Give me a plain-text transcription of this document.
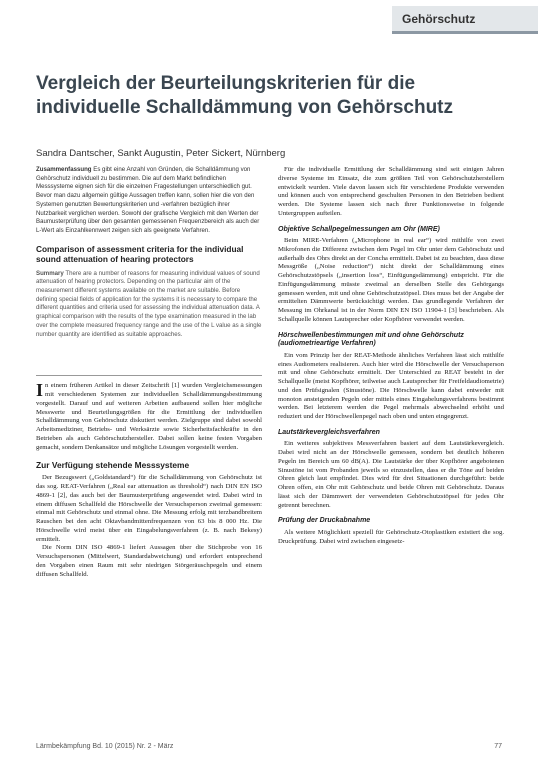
Gehörschutz
Vergleich der Beurteilungskriterien für die individuelle Schalldämmung von Gehörschutz
Sandra Dantscher, Sankt Augustin, Peter Sickert, Nürnberg

Zusammenfassung Es gibt eine Anzahl von Gründen, die Schalldämmung von Gehörschutz individuell zu bestimmen. Die auf dem Markt befindlichen Messsysteme eignen sich für die einzelnen Fragestellungen unterschiedlich gut. Bevor man dazu allgemein gültige Aussagen treffen kann, sollen hier die von den Systemen genutzten Bewertungskriterien und -verfahren bezüglich ihrer Nutzbarkeit verglichen werden. Sowohl der grafische Vergleich mit den Werten der Baumusterprüfung über den gesamten gemessenen Frequenzbereich als auch der L-Wert als Einzahlkennwert zeigen sich als geeignete Verfahren.

Comparison of assessment criteria for the individual sound attenuation of hearing protectors

Summary There are a number of reasons for measuring individual values of sound attenuation of hearing protectors. Depending on the particular aim of the measurement different systems available on the market are suitable. Before defining special fields of application for the systems it is necessary to compare the different quantities and criteria used for assessing the individual attenuation data. A graphical comparison with the results of the type examination measured in the lab over the complete measured frequency range and the use of the L value as a single number quantity are identified as suitable approaches.

In einem früheren Artikel in dieser Zeitschrift [1] wurden Vergleichsmessungen mit verschiedenen Systemen zur individuellen Schalldämmungsbestimmung vorgestellt. Darauf und auf weiteren Arbeiten aufbauend sollen hier mögliche Messwerte und Beurteilungsgrößen für die Ermittlung der individuellen Schalldämmung von Gehörschutz diskutiert werden. Zielgruppe sind dabei sowohl Arbeitsmediziner, Betriebs- und Werksärzte sowie Sicherheitsfachkräfte in den Betrieben als auch Gehörschutzhersteller. Dabei sollen keine festen Vorgaben gemacht, sondern Denkansätze und mögliche Lösungen vorgestellt werden.

Zur Verfügung stehende Messsysteme

Der Bezugswert („Goldstandard“) für die Schalldämmung von Gehörschutz ist das sog. REAT-Verfahren („Real ear attenuation as threshold“) nach DIN EN ISO 4869-1 [2], das auch bei der Baumusterprüfung angewendet wird. Dabei wird in einem diffusen Schallfeld die Hörschwelle der Versuchsperson zweimal gemessen: einmal mit Gehörschutz und einmal ohne. Die Messung erfolg mit terzbandbreitem Rauschen bei den acht Oktavbandmittenfrequenzen von 63 bis 8 000 Hz. Die Hörschwelle wird meist über ein Eingabelungsverfahren (z. B. nach Bekesy) ermittelt.

Die Norm DIN ISO 4869-1 liefert Aussagen über die Stichprobe von 16 Versuchspersonen (Mittelwert, Standardabweichung) und erfordert entsprechend den Vorgaben einen Raum mit sehr niedrigen Störgeräuschpegeln und einem diffusen Schallfeld.

Für die individuelle Ermittlung der Schalldämmung sind seit einigen Jahren diverse Systeme im Einsatz, die zum größten Teil von Gehörschutzherstellern entwickelt wurden. Viele davon lassen sich für verschiedene Produkte verwenden und können auch von entsprechend geschulten Personen in den Betrieben bedient werden. Die Systeme lassen sich nach ihrer Funktionsweise in folgende Untergruppen aufteilen.

Objektive Schallpegelmessungen am Ohr (MIRE)

Beim MIRE-Verfahren („Microphone in real ear“) wird mithilfe von zwei Mikrofonen die Differenz zwischen dem Pegel im Ohr unter dem Gehörschutz und außerhalb des Ohrs direkt an der Concha ermittelt. Dabei ist zu beachten, dass diese Messgröße („Noise reduction“) nicht direkt der Schalldämmung eines Gehörschutzstöpsels („insertion loss“, Einfügungsdämmung) entspricht. Für die Einfügungsdämmung müsste zweimal an derselben Stelle des Gehörgangs gemessen werden, mit und ohne Gehörschutzstöpsel. Dies muss bei der Angabe der ermittelten Dämmwerte berücksichtigt werden. Das grundlegende Verfahren der Messung im Ohrkanal ist in der Norm DIN EN ISO 11904-1 [3] beschrieben. Als Schallquelle können Lautsprecher oder Kopfhörer verwendet werden.

Hörschwellenbestimmungen mit und ohne Gehörschutz (audiometrieartige Verfahren)

Ein vom Prinzip her der REAT-Methode ähnliches Verfahren lässt sich mithilfe eines Audiometers realisieren. Auch hier wird die Hörschwelle der Versuchsperson mit und ohne Gehörschutz ermittelt. Der Unterschied zu REAT besteht in der Schallquelle (meist Kopfhörer, teilweise auch Lautsprecher für Freifeldaudiometrie) und den Prüfsignalen (Sinustöne). Die Hörschwelle kann dabei entweder mit monoton ansteigenden Pegeln oder mittels eines Eingabelungsverfahrens bestimmt werden. Bei letzterem werden die Pegel mehrmals abwechselnd erhöht und reduziert und der Hörschwellenpegel nach oben und unten eingegrenzt.

Lautstärkevergleichsverfahren

Ein weiteres subjektives Messverfahren basiert auf dem Lautstärkevergleich. Dabei wird nicht an der Hörschwelle gemessen, sondern bei deutlich höheren Pegeln im Bereich um 60 dB(A). Die Lautstärke der über Kopfhörer angebotenen Sinustöne ist vom Probanden jeweils so einzustellen, dass er die Töne auf beiden Ohren gleich laut empfindet. Dies wird für drei Situationen durchgeführt: beide Ohren offen, ein Ohr mit Gehörschutz und beide Ohren mit Gehörschutz. Daraus lässt sich der Dämmwert der verwendeten Gehörschutzstöpsel für jedes Ohr getrennt berechnen.

Prüfung der Druckabnahme

Als weitere Möglichkeit speziell für Gehörschutz-Otoplastiken existiert die sog. Druckprüfung. Dabei wird zwischen eingesetz-

Lärmbekämpfung Bd. 10 (2015) Nr. 2 - März	77
